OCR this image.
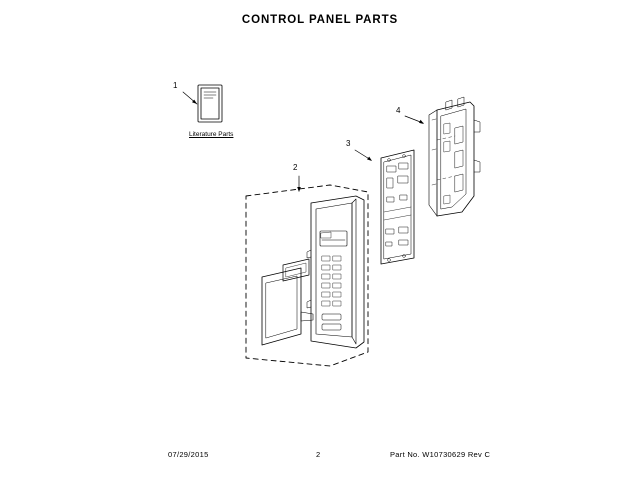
CONTROL PANEL PARTS
1
2
3
4
Literature Parts
07/29/2015	2	Part No. W10730629 Rev C
